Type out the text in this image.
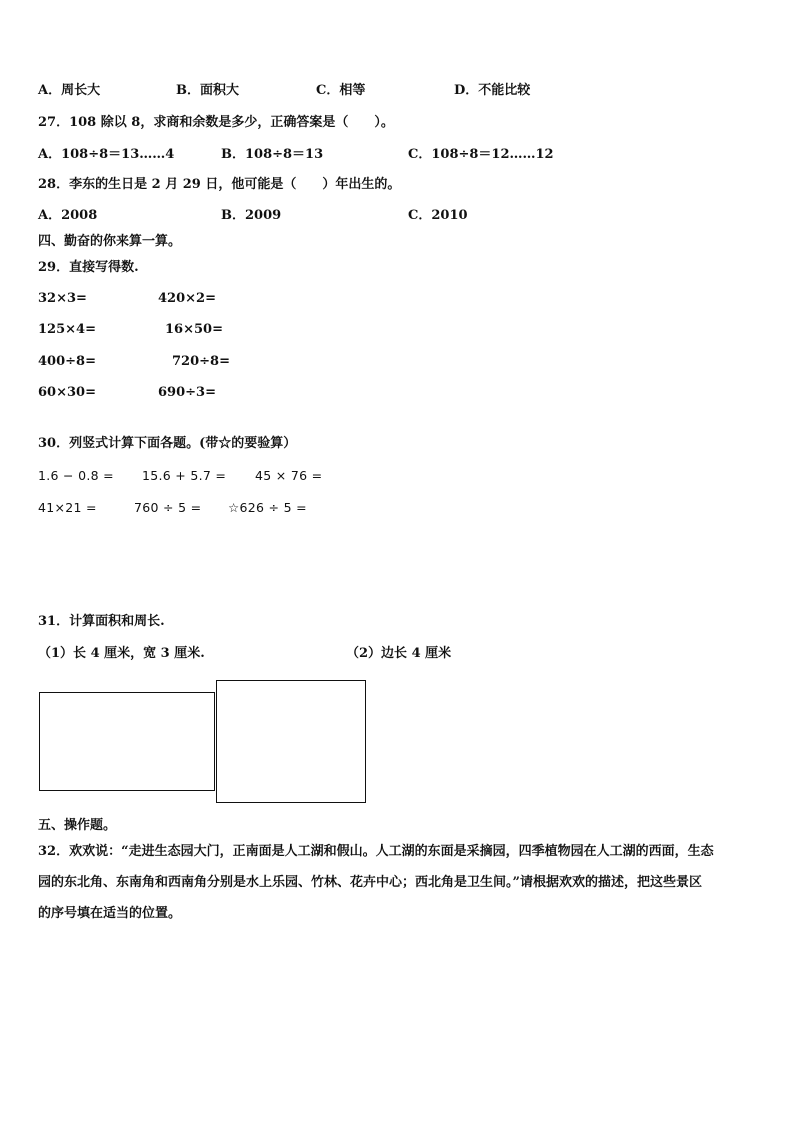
A．周长大	B．面积大	C．相等	D．不能比较
27．108 除以 8，求商和余数是多少，正确答案是（　　）。
A．108÷8＝13……4	B．108÷8＝13	C．108÷8＝12……12
28．李东的生日是 2 月 29 日，他可能是（　　）年出生的。
A．2008	B．2009	C．2010
四、勤奋的你来算一算。
29．直接写得数.
32×3=	420×2=
125×4=	16×50=
400÷8=	720÷8=
60×30=	690÷3=
30．列竖式计算下面各题。(带☆的要验算）
1.6 − 0.8 = 15.6 + 5.7 = 45 × 76 =
41×21 =	760 ÷ 5 = ☆626 ÷ 5 =
31．计算面积和周长.
（1）长 4 厘米，宽 3 厘米.	（2）边长 4 厘米
五、操作题。
32．欢欢说：“走进生态园大门，正南面是人工湖和假山。人工湖的东面是采摘园，四季植物园在人工湖的西面，生态
园的东北角、东南角和西南角分别是水上乐园、竹林、花卉中心；西北角是卫生间。”请根据欢欢的描述，把这些景区
的序号填在适当的位置。
